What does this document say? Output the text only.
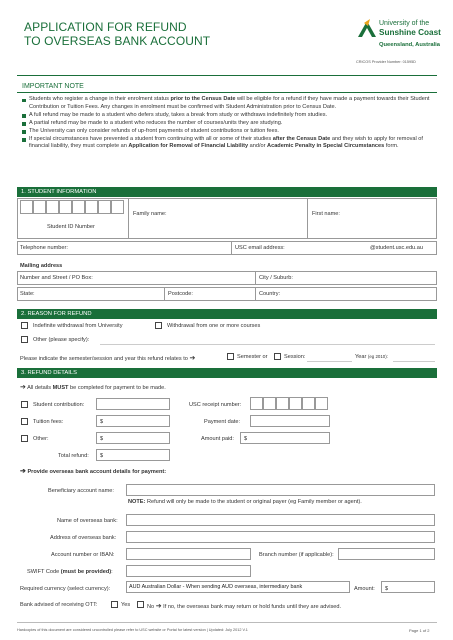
APPLICATION FOR REFUND
TO OVERSEAS BANK ACCOUNT
University of the
Sunshine Coast
Queensland, Australia
CRICOS Provider Number: 01595D
IMPORTANT NOTE
Students who register a change in their enrolment status prior to the Census Date will be eligible for a refund if they have made a payment towards their Student Contribution or Tuition Fees. Any changes in enrolment must be confirmed with Student Administration prior to Census Date.
A full refund may be made to a student who defers study, takes a break from study or withdraws indefinitely from studies.
A partial refund may be made to a student who reduces the number of courses/units they are studying.
The University can only consider refunds of up-front payments of student contributions or tuition fees.
If special circumstances have prevented a student from continuing with all or some of their studies after the Census Date and they wish to apply for removal of financial liability, they must complete an Application for Removal of Financial Liability and/or Academic Penalty in Special Circumstances form.
1. STUDENT INFORMATION
Student ID Number
Family name:	First name:
Telephone number:	USC email address:	@student.usc.edu.au
Mailing address
Number and Street / PO Box:	City / Suburb:
State:	Postcode:	Country:
2. REASON FOR REFUND
Indefinite withdrawal from University	Withdrawal from one or more courses
Other (please specify):
Please indicate the semester/session and year this refund relates to ➔	Semester or	Session:	Year (eg 2010):
3. REFUND DETAILS
➔ All details MUST be completed for payment to be made.
Student contribution:	USC receipt number:
Tuition fees:	$	Payment date:
Other:	$	Amount paid: $
Total refund: $
➔ Provide overseas bank account details for payment:
Beneficiary account name:
NOTE: Refund will only be made to the student or original payer (eg Family member or agent).
Name of overseas bank:
Address of overseas bank:
Account number or IBAN:	Branch number (if applicable):
SWIFT Code (must be provided):
Required currency (select currency):	AUD Australian Dollar - When sending AUD overseas, intermediary bank	Amount: $
Bank advised of receiving OTT:	Yes	No ➔ If no, the overseas bank may return or hold funds until they are advised.
Hardcopies of this document are considered uncontrolled please refer to USC website or Portal for latest version | Updated: July 2012 V.1	Page 1 of 2
